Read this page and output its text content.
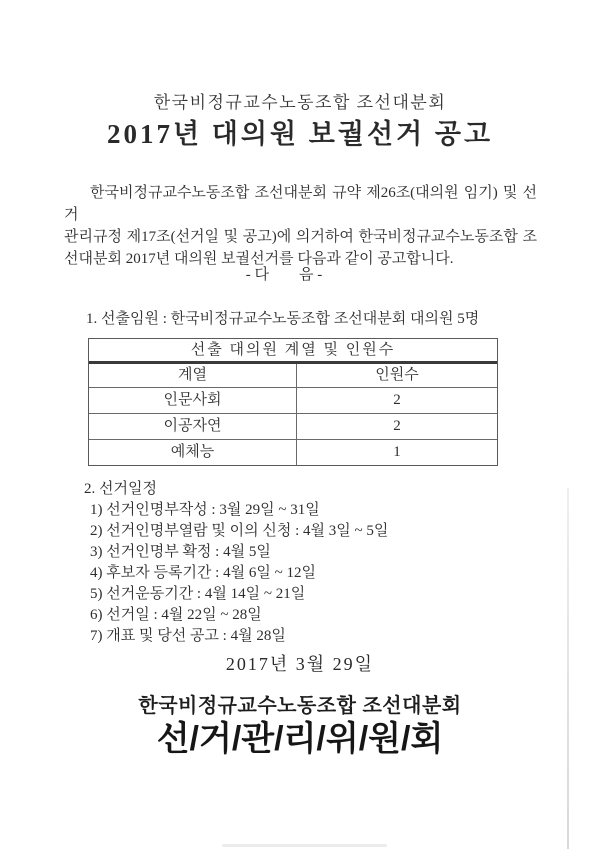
한국비정규교수노동조합 조선대분회
2017년 대의원 보궐선거 공고
한국비정규교수노동조합 조선대분회 규약 제26조(대의원 임기) 및 선거
관리규정 제17조(선거일 및 공고)에 의거하여 한국비정규교수노동조합 조
선대분회 2017년 대의원 보궐선거를 다음과 같이 공고합니다.
- 다        음 -
1. 선출임원 : 한국비정규교수노동조합 조선대분회 대의원 5명
선출 대의원 계열 및 인원수
계열	인원수
인문사회	2
이공자연	2
예체능	1
2. 선거일정
1) 선거인명부작성 : 3월 29일 ~ 31일
2) 선거인명부열람 및 이의 신청 : 4월 3일 ~ 5일
3) 선거인명부 확정 : 4월 5일
4) 후보자 등록기간 : 4월 6일 ~ 12일
5) 선거운동기간 : 4월 14일 ~ 21일
6) 선거일 : 4월 22일 ~ 28일
7) 개표 및 당선 공고 : 4월 28일
2017년 3월 29일
한국비정규교수노동조합 조선대분회
선/거/관/리/위/원/회
